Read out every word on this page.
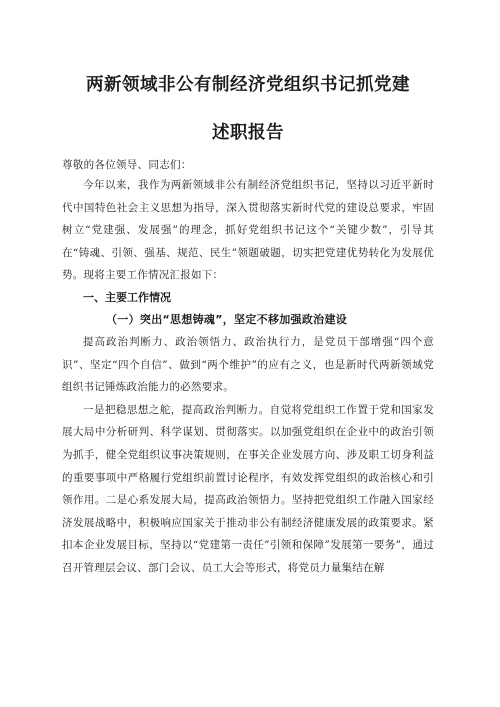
两新领域非公有制经济党组织书记抓党建
述职报告
尊敬的各位领导、同志们：

今年以来，我作为两新领域非公有制经济党组织书记，坚持以习近平新时代中国特色社会主义思想为指导，深入贯彻落实新时代党的建设总要求，牢固树立“党建强、发展强”的理念，抓好党组织书记这个“关键少数”，引导其在“铸魂、引领、强基、规范、民生”领题破题，切实把党建优势转化为发展优势。现将主要工作情况汇报如下：

一、主要工作情况
（一）突出“思想铸魂”，坚定不移加强政治建设

提高政治判断力、政治领悟力、政治执行力，是党员干部增强“四个意识”、坚定“四个自信”、做到“两个维护”的应有之义，也是新时代两新领域党组织书记锤炼政治能力的必然要求。

一是把稳思想之舵，提高政治判断力。自觉将党组织工作置于党和国家发展大局中分析研判、科学谋划、贯彻落实。以加强党组织在企业中的政治引领为抓手，健全党组织议事决策规则，在事关企业发展方向、涉及职工切身利益的重要事项中严格履行党组织前置讨论程序，有效发挥党组织的政治核心和引领作用。二是心系发展大局，提高政治领悟力。坚持把党组织工作融入国家经济发展战略中，积极响应国家关于推动非公有制经济健康发展的政策要求。紧扣本企业发展目标，坚持以“党建第一责任”引领和保障”发展第一要务”，通过召开管理层会议、部门会议、员工大会等形式，将党员力量集结在解
